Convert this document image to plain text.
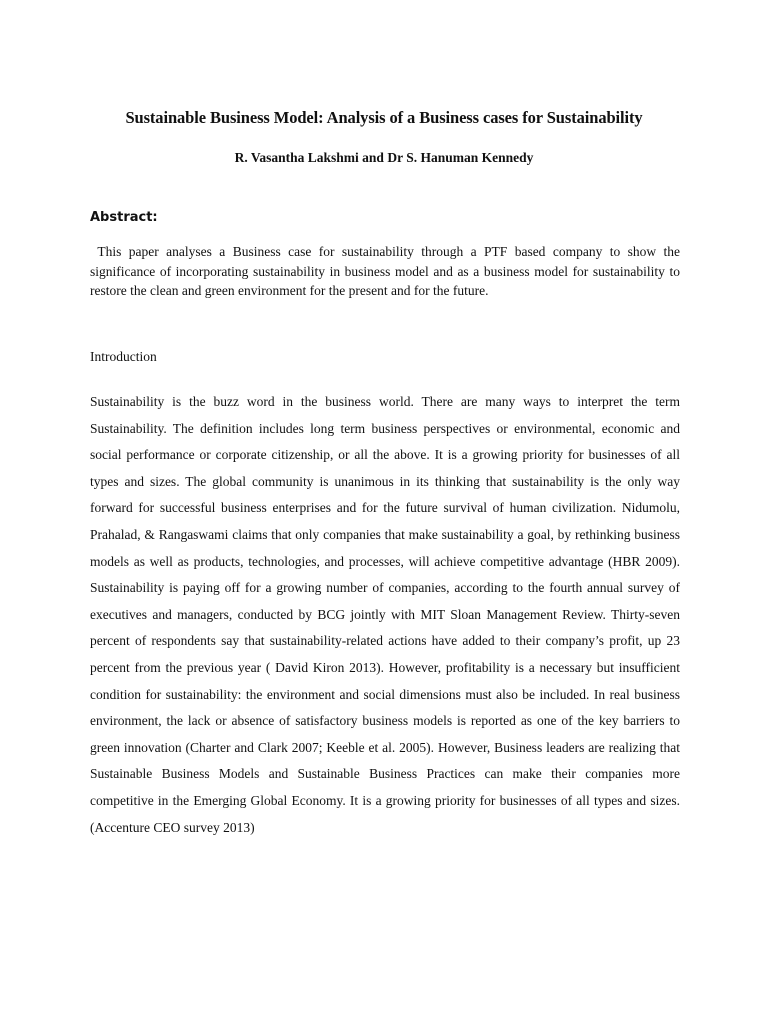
Sustainable Business Model: Analysis of a Business cases for Sustainability
R. Vasantha Lakshmi and Dr S. Hanuman Kennedy
Abstract:
This paper analyses a Business case for sustainability through a PTF based company to show the significance of incorporating sustainability in business model and as a business model for sustainability to restore the clean and green environment for the present and for the future.
Introduction
Sustainability is the buzz word in the business world. There are many ways to interpret the term Sustainability. The definition includes long term business perspectives or environmental, economic and social performance or corporate citizenship, or all the above. It is a growing priority for businesses of all types and sizes. The global community is unanimous in its thinking that sustainability is the only way forward for successful business enterprises and for the future survival of human civilization. Nidumolu, Prahalad, & Rangaswami claims that only companies that make sustainability a goal, by rethinking business models as well as products, technologies, and processes, will achieve competitive advantage (HBR 2009). Sustainability is paying off for a growing number of companies, according to the fourth annual survey of executives and managers, conducted by BCG jointly with MIT Sloan Management Review. Thirty-seven percent of respondents say that sustainability-related actions have added to their company’s profit, up 23 percent from the previous year ( David Kiron 2013). However, profitability is a necessary but insufficient condition for sustainability: the environment and social dimensions must also be included. In real business environment, the lack or absence of satisfactory business models is reported as one of the key barriers to green innovation (Charter and Clark 2007; Keeble et al. 2005). However, Business leaders are realizing that Sustainable Business Models and Sustainable Business Practices can make their companies more competitive in the Emerging Global Economy. It is a growing priority for businesses of all types and sizes. (Accenture CEO survey 2013)
